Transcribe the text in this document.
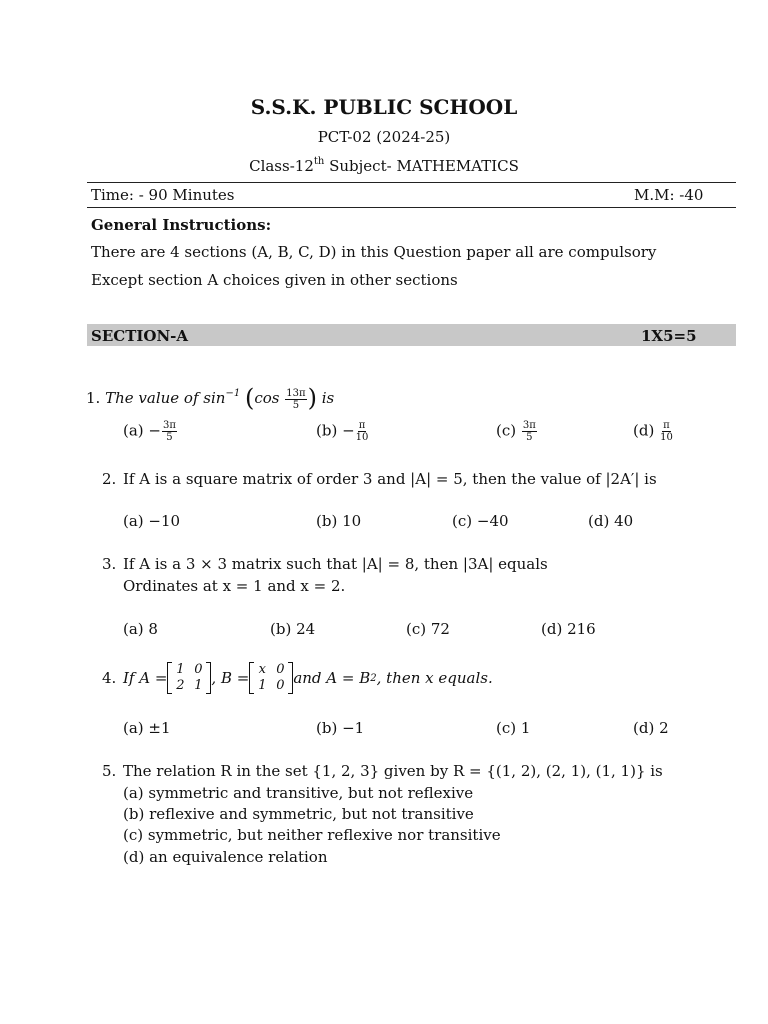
S.S.K. PUBLIC SCHOOL
PCT-02 (2024-25)
Class-12th Subject- MATHEMATICS
Time: - 90 Minutes	M.M: -40
General Instructions:
There are 4 sections (A, B, C, D) in this Question paper all are compulsory
Except section A choices given in other sections
SECTION-A	1X5=5
1. The value of $\sin^{-1} (\cos \frac{13\pi}{5}$ ) is
$(a) - \frac{3\pi}{5}$	$(b) - \frac{\pi}{10}$	$(c) \frac{3\pi}{5}$	$(d) \frac{\pi}{10}$
2. If A is a square matrix of order 3 and |A| = 5, then the value of |2A′| is
(a) −10	(b) 10	(c) −40	(d) 40
3. If A is a 3 × 3 matrix such that |A| = 8, then |3A| equals
Ordinates at x = 1 and x = 2.
(a) 8	(b) 24	(c) 72	(d) 216
4. If A = 1 0
2 1 , B = x 0
1 0 and A = B 2 , then x equals.
(a) ±1	(b) −1	(c) 1	(d) 2
5. The relation R in the set {1, 2, 3} given by R = {(1, 2), (2, 1), (1, 1)} is
(a) symmetric and transitive, but not reflexive
(b) reflexive and symmetric, but not transitive
(c) symmetric, but neither reflexive nor transitive
(d) an equivalence relation
